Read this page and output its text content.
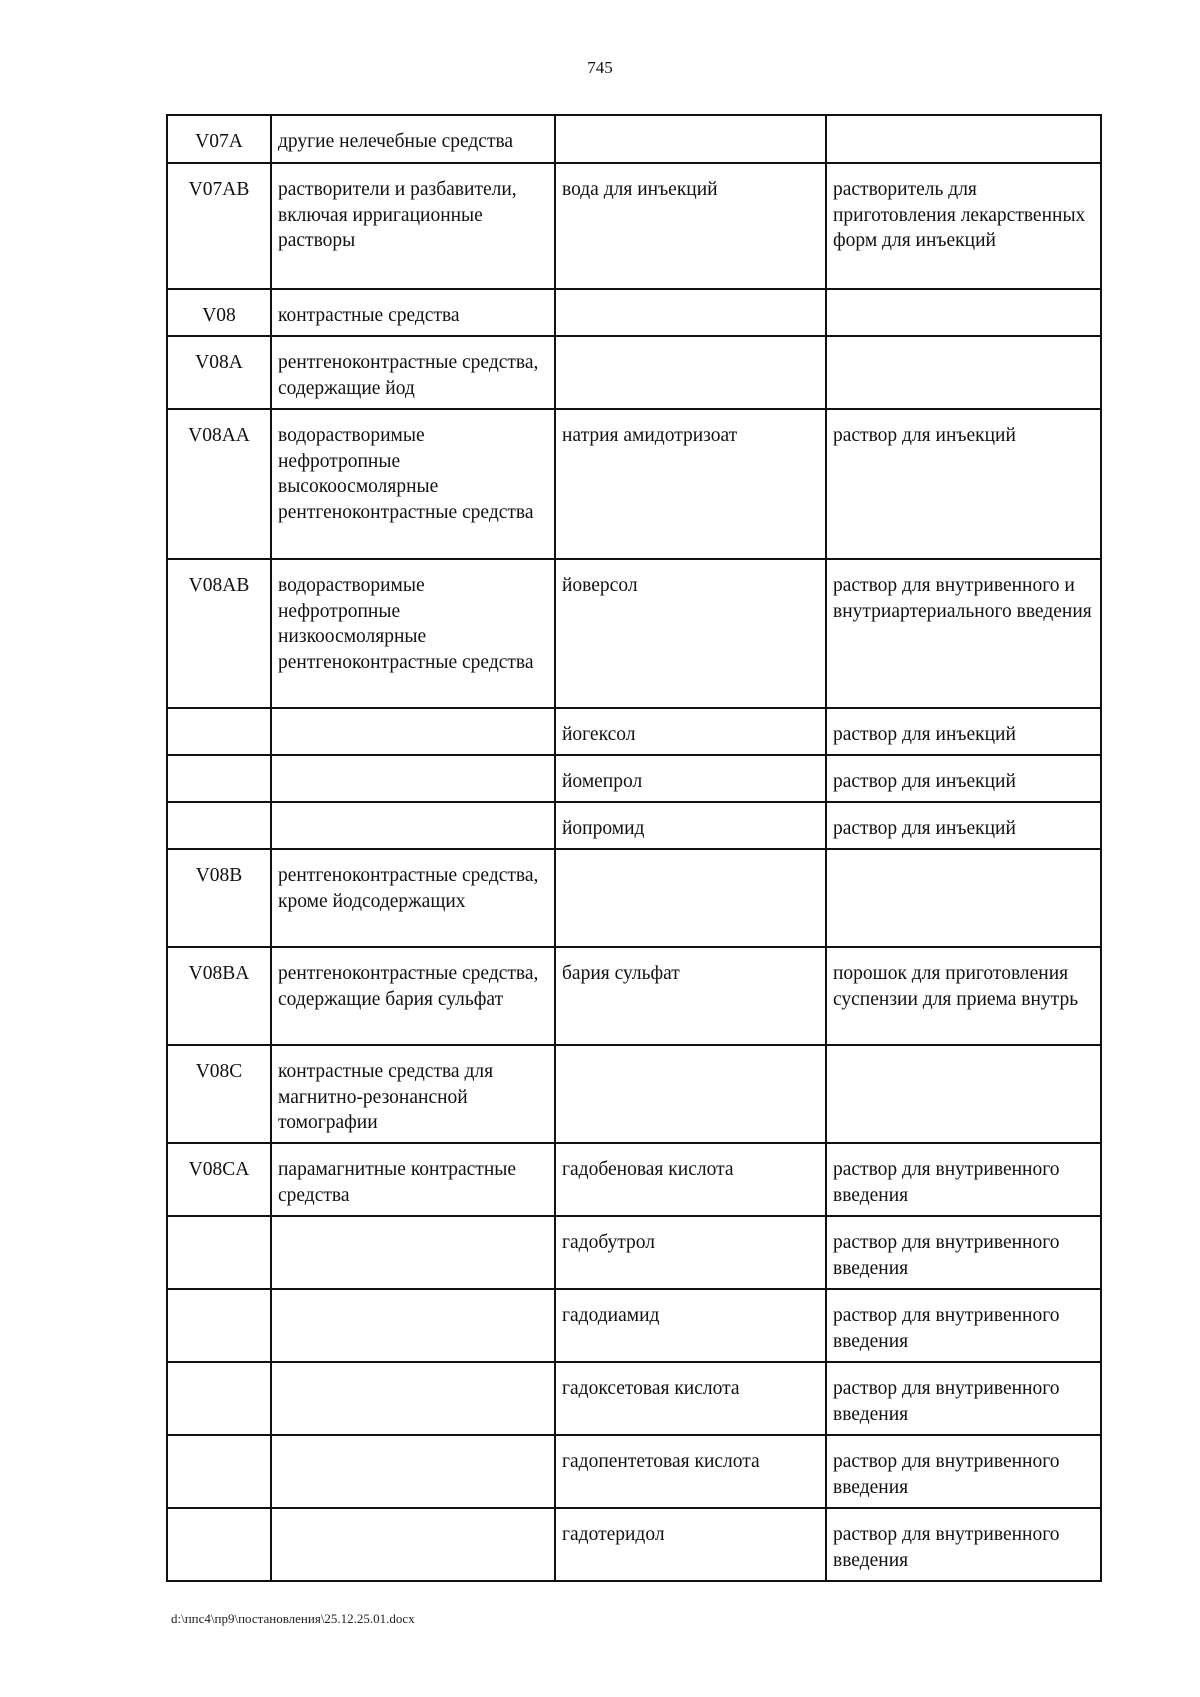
745
V07A	другие нелечебные средства		
V07AB	растворители и разбавители, включая ирригационные растворы	вода для инъекций	растворитель для приготовления лекарственных форм для инъекций
V08	контрастные средства		
V08A	рентгеноконтрастные средства, содержащие йод		
V08AA	водорастворимые нефротропные высокоосмолярные рентгеноконтрастные средства	натрия амидотризоат	раствор для инъекций
V08AB	водорастворимые нефротропные низкоосмолярные рентгеноконтрастные средства	йоверсол	раствор для внутривенного и внутриартериального введения
		йогексол	раствор для инъекций
		йомепрол	раствор для инъекций
		йопромид	раствор для инъекций
V08B	рентгеноконтрастные средства, кроме йодсодержащих		
V08BA	рентгеноконтрастные средства, содержащие бария сульфат	бария сульфат	порошок для приготовления суспензии для приема внутрь
V08C	контрастные средства для магнитно-резонансной томографии		
V08CA	парамагнитные контрастные средства	гадобеновая кислота	раствор для внутривенного введения
		гадобутрол	раствор для внутривенного введения
		гадодиамид	раствор для внутривенного введения
		гадоксетовая кислота	раствор для внутривенного введения
		гадопентетовая кислота	раствор для внутривенного введения
		гадотеридол	раствор для внутривенного введения
d:\ппс4\пр9\постановления\25.12.25.01.docx
